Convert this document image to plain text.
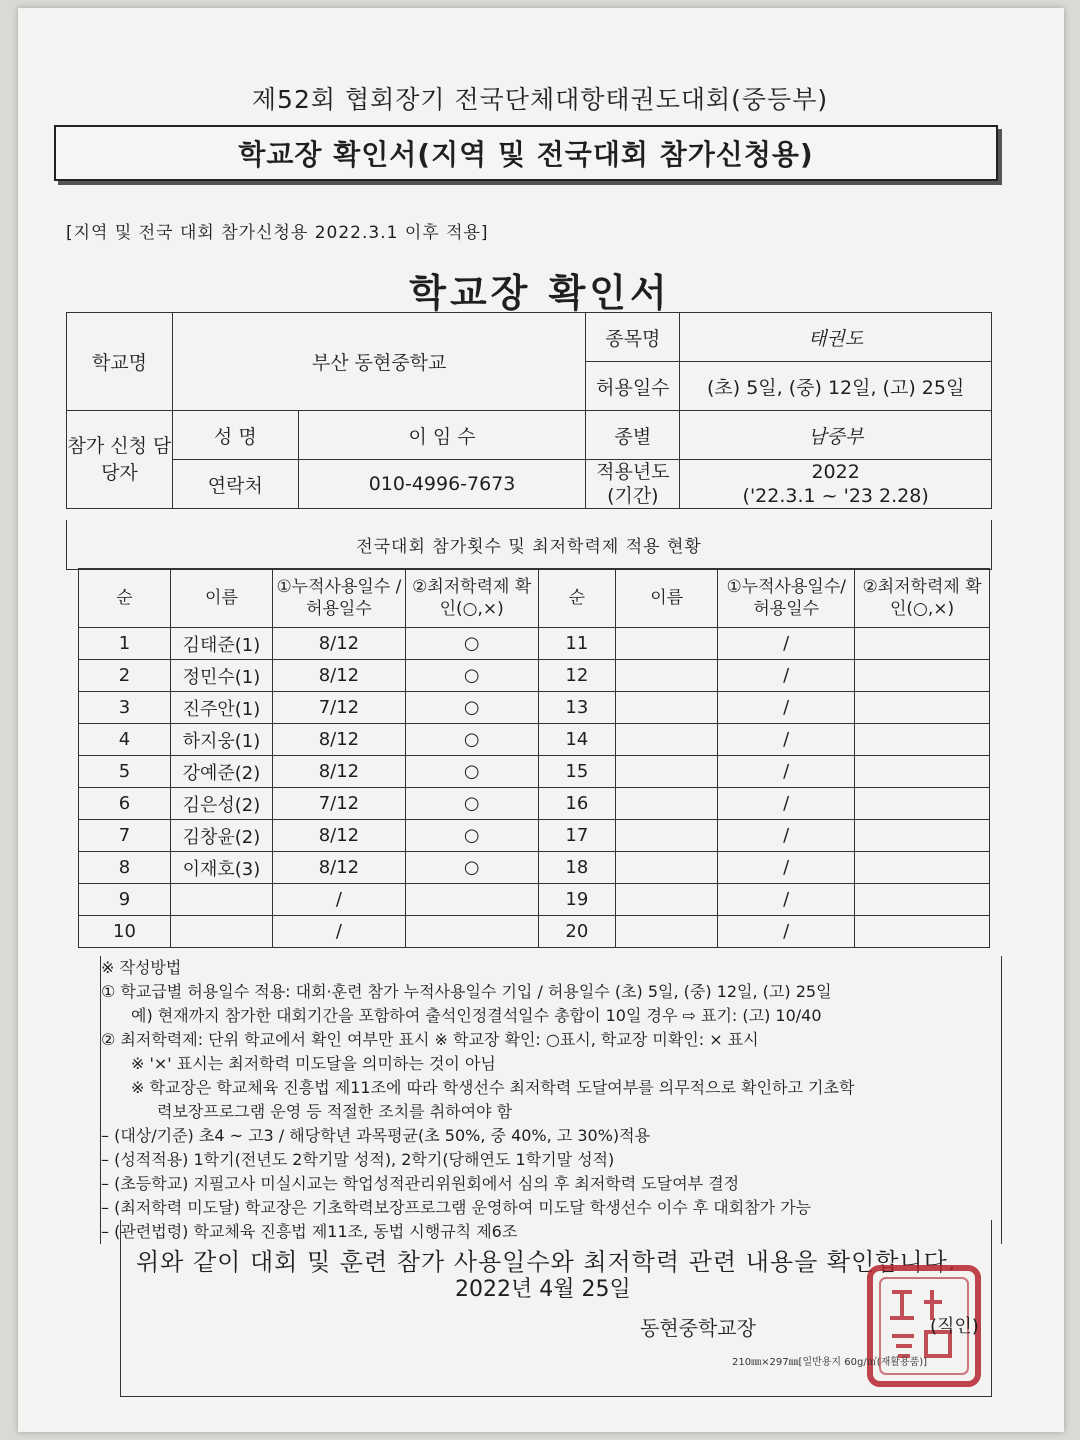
제52회 협회장기 전국단체대항태권도대회(중등부)
학교장 확인서(지역 및 전국대회 참가신청용)
[지역 및 전국 대회 참가신청용 2022.3.1 이후 적용]
학교장 확인서
학교명	부산 동현중학교		종목명	태권도
			허용일수	(초) 5일, (중) 12일, (고) 25일
참가 신청 담당자	성 명	이 임 수	종별	남중부
	연락처	010-4996-7673	적용년도 (기간)	2022
('22.3.1 ~ '23 2.28)
전국대회 참가횟수 및 최저학력제 적용 현황
순	이름	①누적사용일수 /허용일수	②최저학력제 확인(○,×)	순	이름	①누적사용일수/ 허용일수	②최저학력제 확인(○,×)
1	김태준(1)	8/12	○	11		/	
2	정민수(1)	8/12	○	12		/	
3	진주안(1)	7/12	○	13		/	
4	하지웅(1)	8/12	○	14		/	
5	강예준(2)	8/12	○	15		/	
6	김은성(2)	7/12	○	16		/	
7	김창윤(2)	8/12	○	17		/	
8	이재호(3)	8/12	○	18		/	
9		/		19		/	
10		/		20		/	

※ 작성방법

① 학교급별 허용일수 적용: 대회·훈련 참가 누적사용일수 기입 / 허용일수 (초) 5일, (중) 12일, (고) 25일

예) 현재까지 참가한 대회기간을 포함하여 출석인정결석일수 총합이 10일 경우 ⇨ 표기: (고) 10/40

② 최저학력제: 단위 학교에서 확인 여부만 표시 ※ 학교장 확인: ○표시, 학교장 미확인: × 표시

※ '×' 표시는 최저학력 미도달을 의미하는 것이 아님

※ 학교장은 학교체육 진흥법 제11조에 따라 학생선수 최저학력 도달여부를 의무적으로 확인하고 기초학

력보장프로그램 운영 등 적절한 조치를 취하여야 함

– (대상/기준) 초4 ~ 고3 / 해당학년 과목평균(초 50%, 중 40%, 고 30%)적용

– (성적적용) 1학기(전년도 2학기말 성적), 2학기(당해연도 1학기말 성적)

– (초등학교) 지필고사 미실시교는 학업성적관리위원회에서 심의 후 최저학력 도달여부 결정

– (최저학력 미도달) 학교장은 기초학력보장프로그램 운영하여 미도달 학생선수 이수 후 대회참가 가능

– (관련법령) 학교체육 진흥법 제11조, 동법 시행규칙 제6조

위와 같이 대회 및 훈련 참가 사용일수와 최저학력 관련 내용을 확인합니다.
2022년 4월 25일
동현중학교장	(직인)
210㎜×297㎜[일반용지 60g/㎡(재활용품)]
